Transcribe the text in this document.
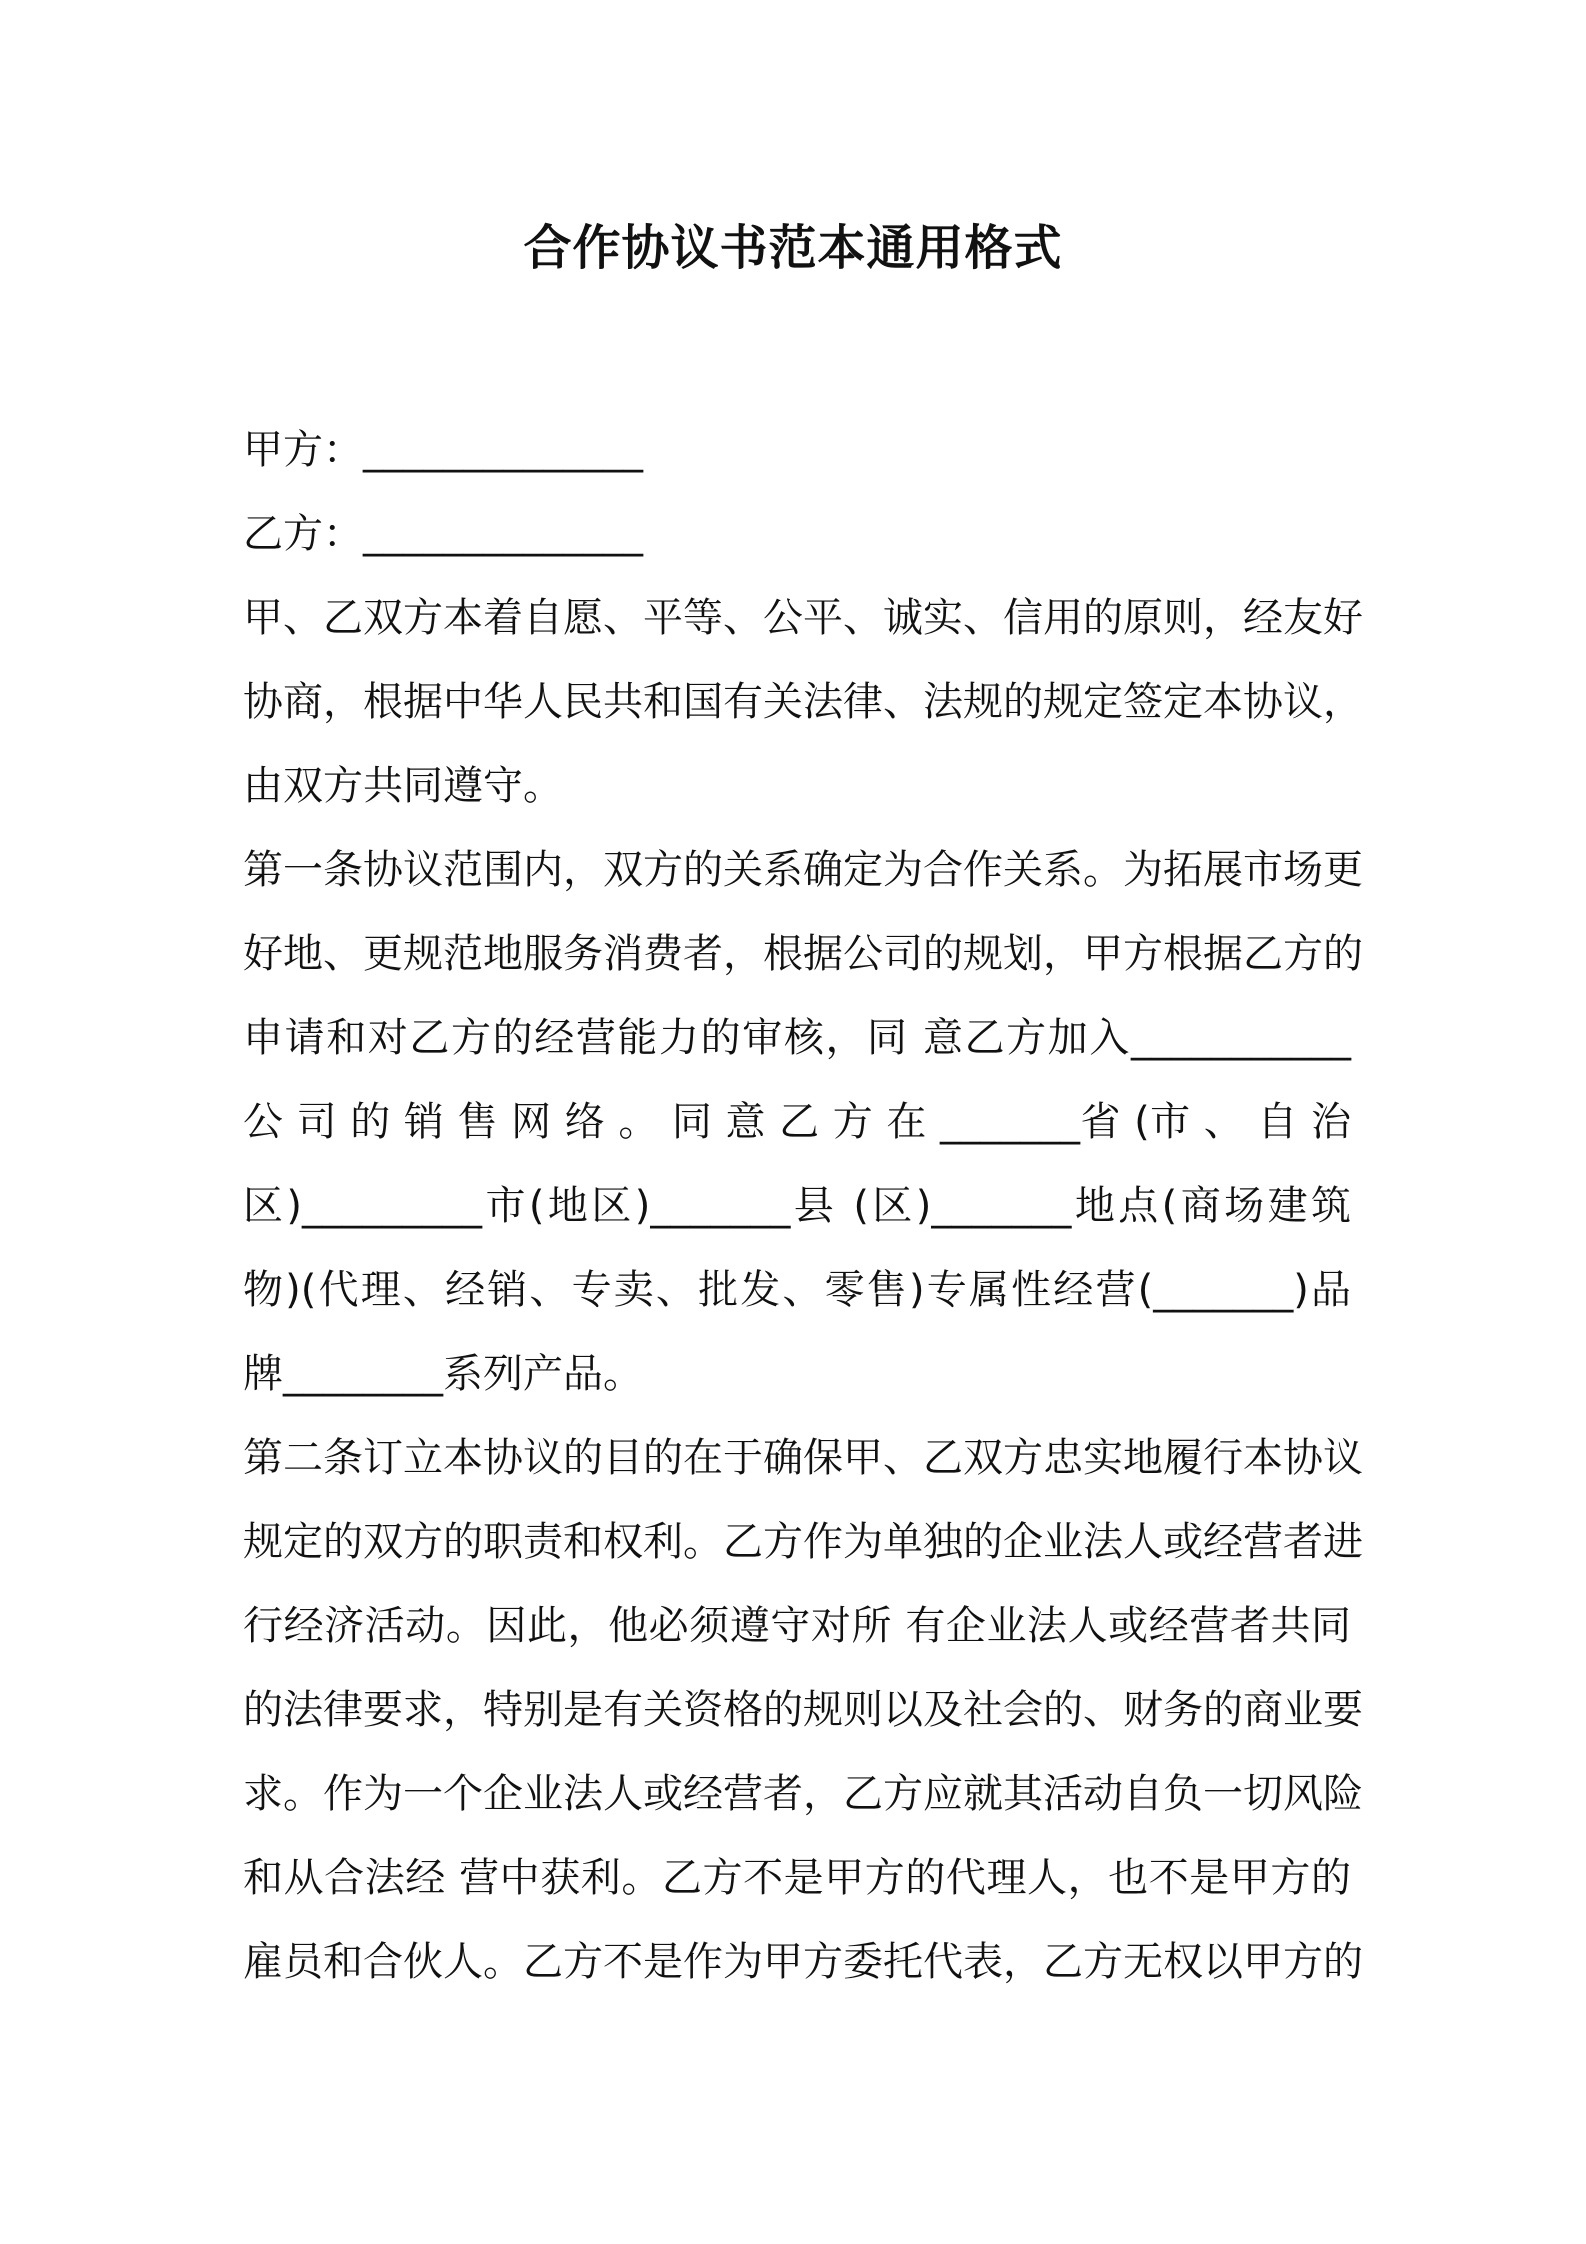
合作协议书范本通用格式
甲方：______________
乙方：______________
甲、乙双方本着自愿、平等、公平、诚实、信用的原则，经友好
协商，根据中华人民共和国有关法律、法规的规定签定本协议，
由双方共同遵守。
第一条协议范围内，双方的关系确定为合作关系。为拓展市场更
好地、更规范地服务消费者，根据公司的规划，甲方根据乙方的
申请和对乙方的经营能力的审核，同 意乙方加入___________
公 司 的 销 售 网 络 。 同 意 乙 方 在 _______省 (市 、 自 治
区)_________市(地区)_______县 (区)_______地点(商场建筑
物)(代理、经销、专卖、批发、零售)专属性经营(_______)品
牌________系列产品。
第二条订立本协议的目的在于确保甲、乙双方忠实地履行本协议
规定的双方的职责和权利。乙方作为单独的企业法人或经营者进
行经济活动。因此，他必须遵守对所 有企业法人或经营者共同
的法律要求，特别是有关资格的规则以及社会的、财务的商业要
求。作为一个企业法人或经营者，乙方应就其活动自负一切风险
和从合法经 营中获利。乙方不是甲方的代理人，也不是甲方的
雇员和合伙人。乙方不是作为甲方委托代表，乙方无权以甲方的
